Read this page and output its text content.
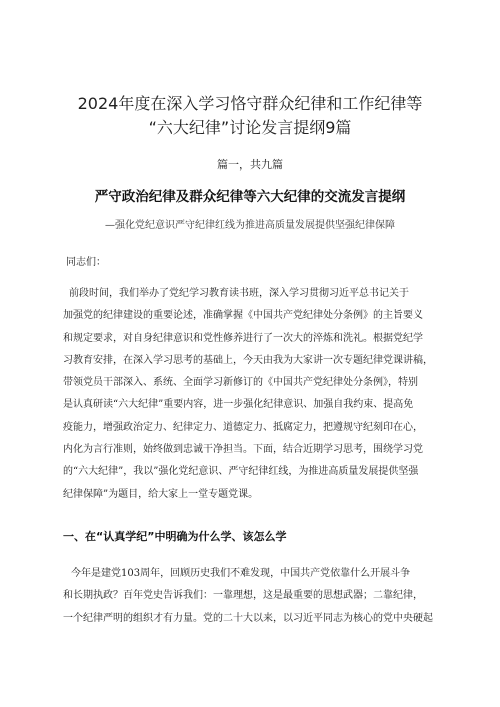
2024年度在深入学习恪守群众纪律和工作纪律等
“六大纪律”讨论发言提纲9篇
篇一，共九篇
严守政治纪律及群众纪律等六大纪律的交流发言提纲
—强化党纪意识严守纪律红线为推进高质量发展提供坚强纪律保障
同志们：
前段时间，我们举办了党纪学习教育读书班，深入学习贯彻习近平总书记关于
加强党的纪律建设的重要论述，准确掌握《中国共产党纪律处分条例》的主旨要义
和规定要求，对自身纪律意识和党性修养进行了一次大的淬炼和洗礼。根据党纪学
习教育安排，在深入学习思考的基础上，今天由我为大家讲一次专题纪律党课讲稿，
带领党员干部深入、系统、全面学习新修订的《中国共产党纪律处分条例》，特别
是认真研读“六大纪律”重要内容，进一步强化纪律意识、加强自我约束、提高免
疫能力，增强政治定力、纪律定力、道德定力、抵腐定力，把遵规守纪刻印在心，
内化为言行准则，始终做到忠诚干净担当。下面，结合近期学习思考，围绕学习党
的“六大纪律”，我以”强化党纪意识、严守纪律红线，为推进高质量发展提供坚强
纪律保障”为题目，给大家上一堂专题党课。
一、在“认真学纪”中明确为什么学、该怎么学
今年是建党103周年，回顾历史我们不难发现，中国共产党依靠什么开展斗争
和长期执政？百年党史告诉我们：一靠理想，这是最重要的思想武器；二靠纪律，
一个纪律严明的组织才有力量。党的二十大以来，以习近平同志为核心的党中央硬起
